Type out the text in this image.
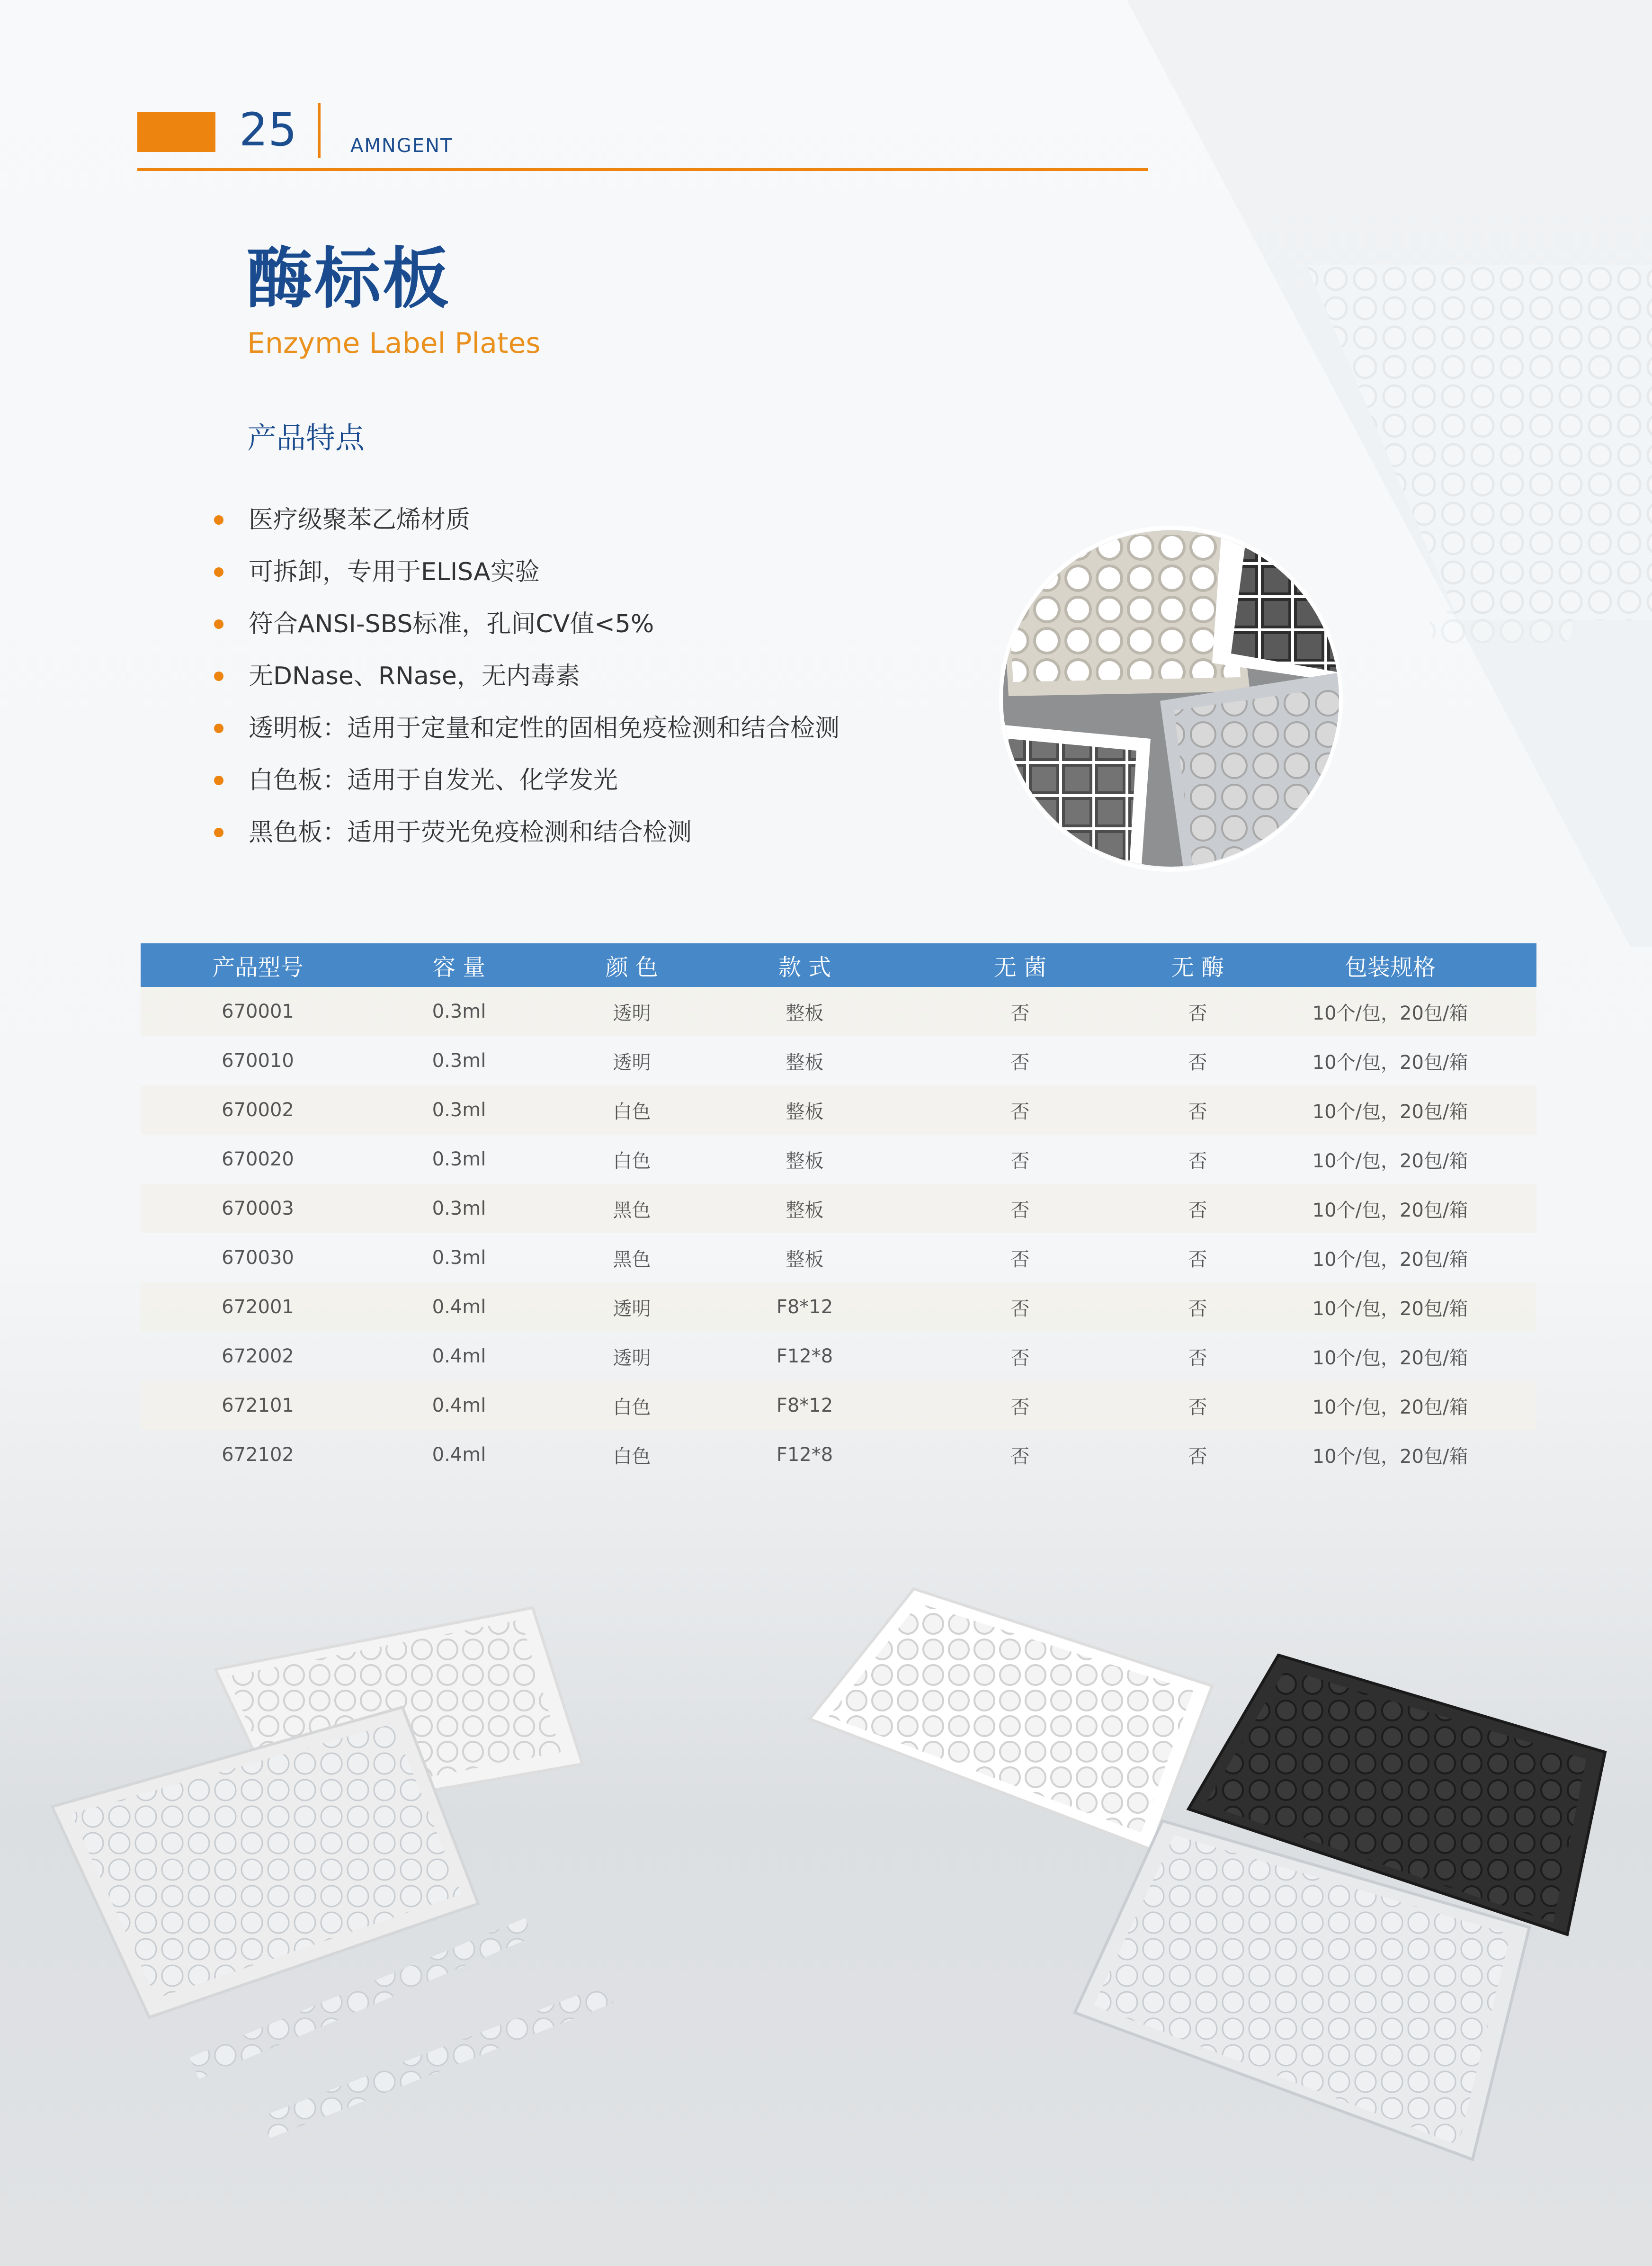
25	AMNGENT
酶标板
Enzyme Label Plates
产品特点
医疗级聚苯乙烯材质
可拆卸，专用于ELISA实验
符合ANSI-SBS标准，孔间CV值<5%
无DNase、RNase，无内毒素
透明板：适用于定量和定性的固相免疫检测和结合检测
白色板：适用于自发光、化学发光
黑色板：适用于荧光免疫检测和结合检测
产品型号	容 量	颜 色	款 式	无 菌	无 酶	包装规格
670001	0.3ml	透明	整板	否	否	10个/包，20包/箱
670010	0.3ml	透明	整板	否	否	10个/包，20包/箱
670002	0.3ml	白色	整板	否	否	10个/包，20包/箱
670020	0.3ml	白色	整板	否	否	10个/包，20包/箱
670003	0.3ml	黑色	整板	否	否	10个/包，20包/箱
670030	0.3ml	黑色	整板	否	否	10个/包，20包/箱
672001	0.4ml	透明	F8*12	否	否	10个/包，20包/箱
672002	0.4ml	透明	F12*8	否	否	10个/包，20包/箱
672101	0.4ml	白色	F8*12	否	否	10个/包，20包/箱
672102	0.4ml	白色	F12*8	否	否	10个/包，20包/箱
